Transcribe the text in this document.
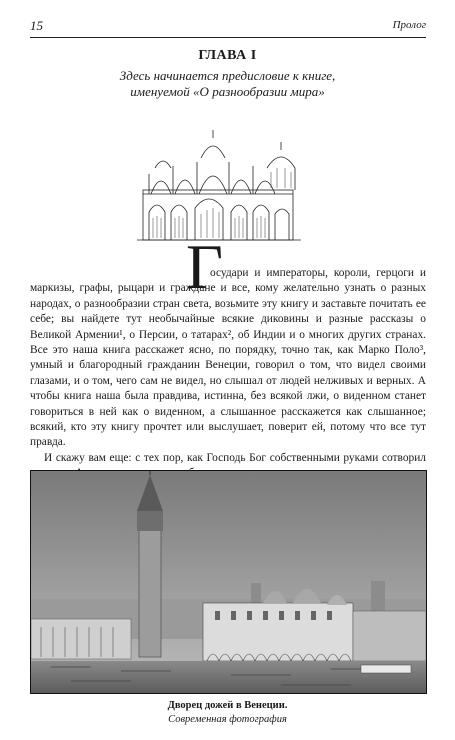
15	Пролог
ГЛАВА I
Здесь начинается предисловие к книге,
именуемой «О разнообразии мира»
Г

осудари и императоры, короли, герцоги и маркизы, графы, рыцари и граждане и все, кому желательно узнать о разных народах, о разнообразии стран света, возьмите эту книгу и заставьте почитать ее себе; вы найдете тут необычайные всякие диковины и разные рассказы о Великой Армении¹, о Персии, о татарах², об Индии и о многих других странах. Все это наша книга расскажет ясно, по порядку, точно так, как Марко Поло³, умный и благородный гражданин Венеции, говорил о том, что видел своими глазами, и о том, чего сам не видел, но слышал от людей нелживых и верных. А чтобы книга наша была правдива, истинна, без всякой лжи, о виденном станет говориться в ней как о виденном, а слышанное расскажется как слышанное; всякий, кто эту книгу прочтет или выслушает, поверит ей, потому что все тут правда.

И скажу вам еще: с тех пор, как Господь Бог собственными руками сотворил

Дворец дожей в Венеции.
Современная фотография
